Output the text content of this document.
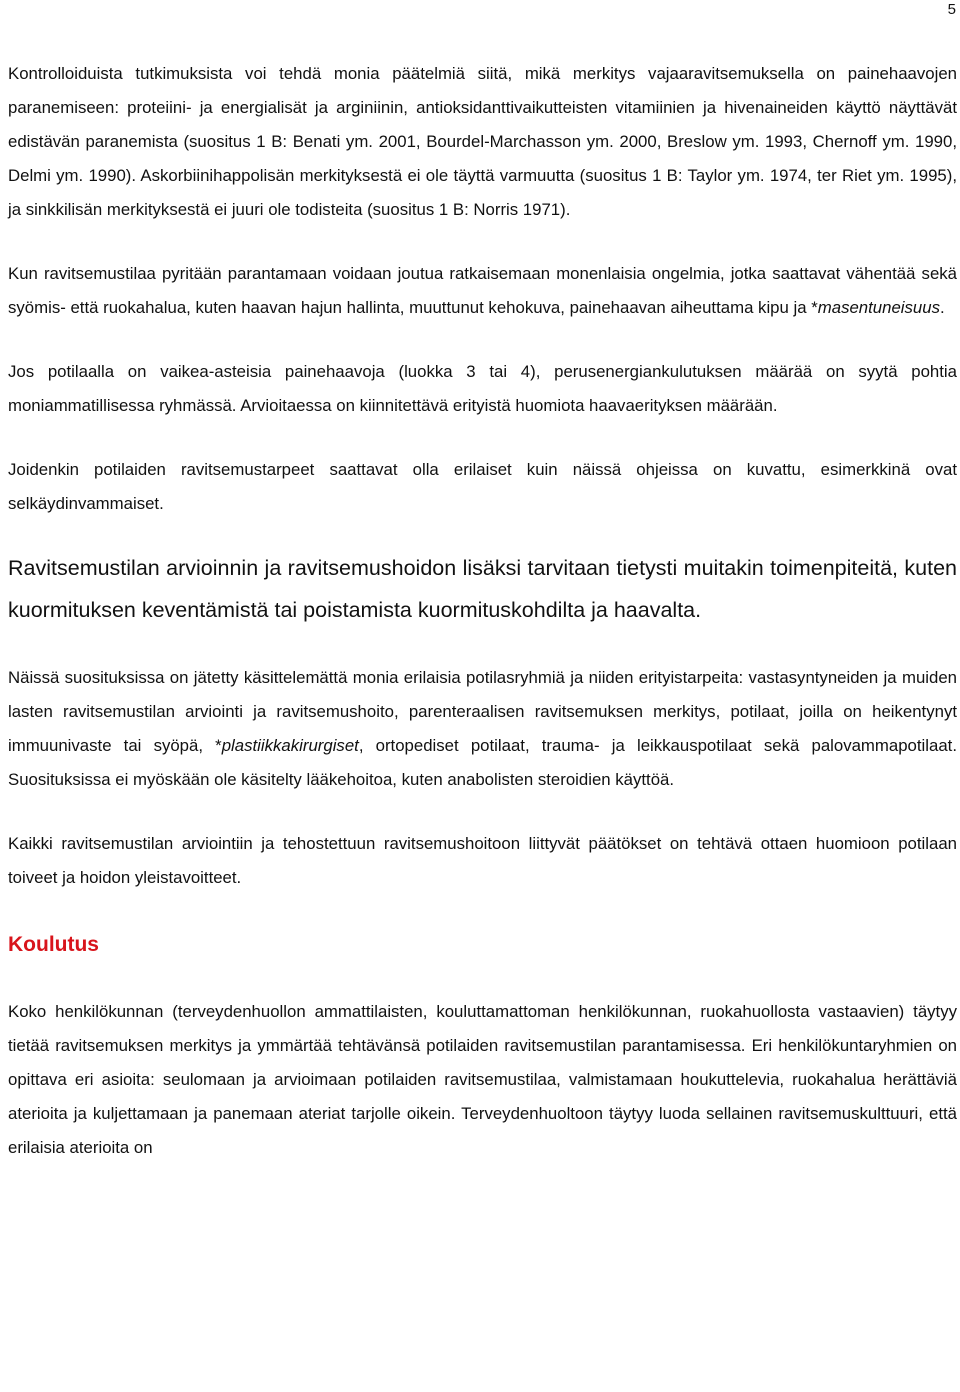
5

Kontrolloiduista tutkimuksista voi tehdä monia päätelmiä siitä, mikä merkitys vajaaravitsemuksella on painehaavojen paranemiseen: proteiini- ja energialisät ja arginiinin, antioksidanttivaikutteisten vitamiinien ja hivenaineiden käyttö näyttävät edistävän paranemista (suositus 1 B: Benati ym. 2001, Bourdel-Marchasson ym. 2000, Breslow ym. 1993, Chernoff ym. 1990, Delmi ym. 1990). Askorbiinihappolisän merkityksestä ei ole täyttä varmuutta (suositus 1 B: Taylor ym. 1974, ter Riet ym. 1995), ja sinkkilisän merkityksestä ei juuri ole todisteita (suositus 1 B: Norris 1971).

Kun ravitsemustilaa pyritään parantamaan voidaan joutua ratkaisemaan monenlaisia ongelmia, jotka saattavat vähentää sekä syömis- että ruokahalua, kuten haavan hajun hallinta, muuttunut kehokuva, painehaavan aiheuttama kipu ja *masentuneisuus.

Jos potilaalla on vaikea-asteisia painehaavoja (luokka 3 tai 4), perusenergiankulutuksen määrää on syytä pohtia moniammatillisessa ryhmässä. Arvioitaessa on kiinnitettävä erityistä huomiota haavaerityksen määrään.

Joidenkin potilaiden ravitsemustarpeet saattavat olla erilaiset kuin näissä ohjeissa on kuvattu, esimerkkinä ovat selkäydinvammaiset.

Ravitsemustilan arvioinnin ja ravitsemushoidon lisäksi tarvitaan tietysti muitakin toimenpiteitä, kuten kuormituksen keventämistä tai poistamista kuormituskohdilta ja haavalta.

Näissä suosituksissa on jätetty käsittelemättä monia erilaisia potilasryhmiä ja niiden erityistarpeita: vastasyntyneiden ja muiden lasten ravitsemustilan arviointi ja ravitsemushoito, parenteraalisen ravitsemuksen merkitys, potilaat, joilla on heikentynyt immuunivaste tai syöpä, *plastiikkakirurgiset, ortopediset potilaat, trauma- ja leikkauspotilaat sekä palovammapotilaat. Suosituksissa ei myöskään ole käsitelty lääkehoitoa, kuten anabolisten steroidien käyttöä.

Kaikki ravitsemustilan arviointiin ja tehostettuun ravitsemushoitoon liittyvät päätökset on tehtävä ottaen huomioon potilaan toiveet ja hoidon yleistavoitteet.

Koulutus

Koko henkilökunnan (terveydenhuollon ammattilaisten, kouluttamattoman henkilökunnan, ruokahuollosta vastaavien) täytyy tietää ravitsemuksen merkitys ja ymmärtää tehtävänsä potilaiden ravitsemustilan parantamisessa. Eri henkilökuntaryhmien on opittava eri asioita: seulomaan ja arvioimaan potilaiden ravitsemustilaa, valmistamaan houkuttelevia, ruokahalua herättäviä aterioita ja kuljettamaan ja panemaan ateriat tarjolle oikein. Terveydenhuoltoon täytyy luoda sellainen ravitsemuskulttuuri, että erilaisia aterioita on
